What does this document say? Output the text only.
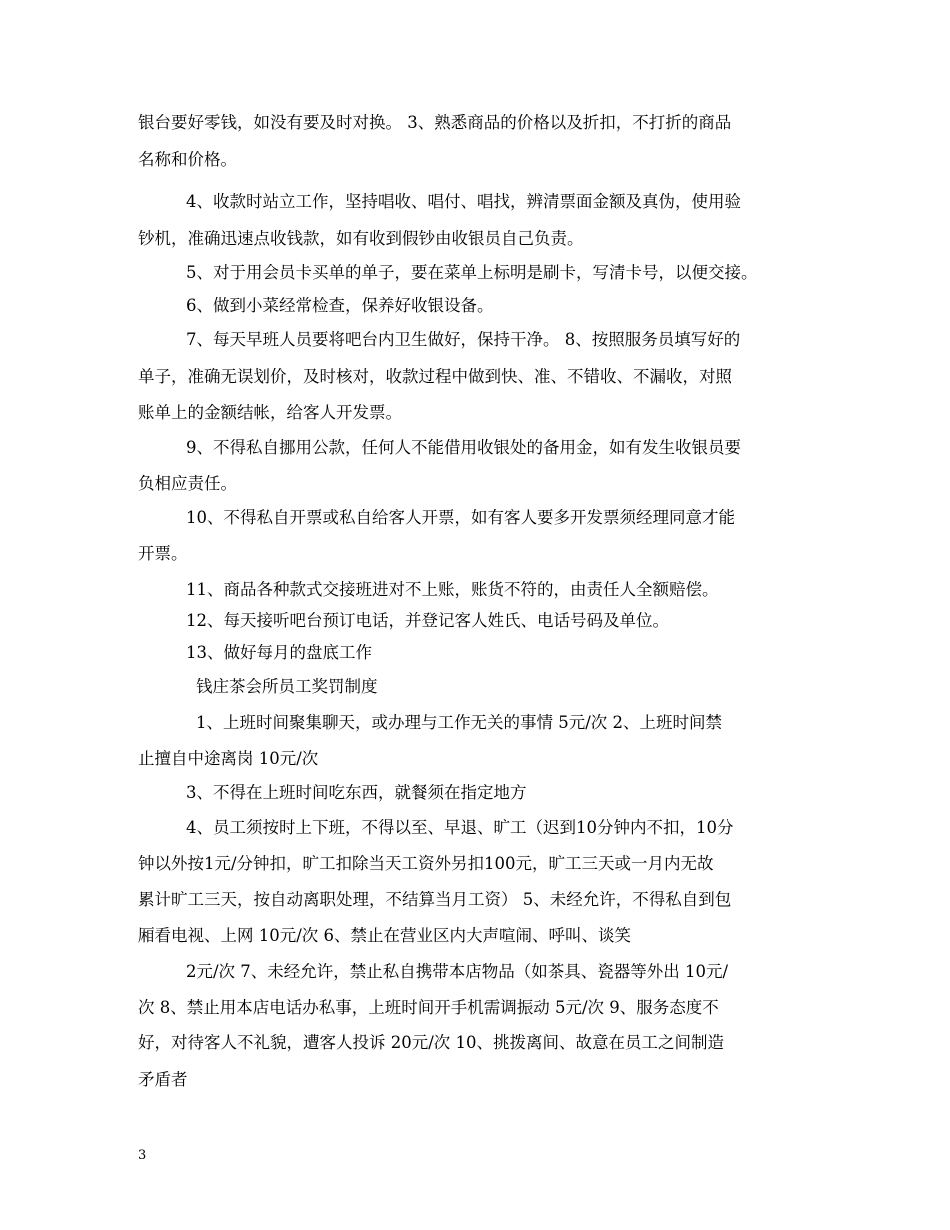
银台要好零钱，如没有要及时对换。 3、熟悉商品的价格以及折扣，不打折的商品
名称和价格。
4、收款时站立工作，坚持唱收、唱付、唱找，辨清票面金额及真伪，使用验
钞机，准确迅速点收钱款，如有收到假钞由收银员自己负责。
5、对于用会员卡买单的单子，要在菜单上标明是刷卡，写清卡号，以便交接。
6、做到小菜经常检查，保养好收银设备。
7、每天早班人员要将吧台内卫生做好，保持干净。 8、按照服务员填写好的
单子，准确无误划价，及时核对，收款过程中做到快、准、不错收、不漏收，对照
账单上的金额结帐，给客人开发票。
9、不得私自挪用公款，任何人不能借用收银处的备用金，如有发生收银员要
负相应责任。
10、不得私自开票或私自给客人开票，如有客人要多开发票须经理同意才能
开票。
11、商品各种款式交接班进对不上账，账货不符的，由责任人全额赔偿。
12、每天接听吧台预订电话，并登记客人姓氏、电话号码及单位。
13、做好每月的盘底工作
钱庄茶会所员工奖罚制度
1、上班时间聚集聊天，或办理与工作无关的事情 5元/次 2、上班时间禁
止擅自中途离岗 10元/次
3、不得在上班时间吃东西，就餐须在指定地方
4、员工须按时上下班，不得以至、早退、旷工（迟到10分钟内不扣，10分
钟以外按1元/分钟扣，旷工扣除当天工资外另扣100元，旷工三天或一月内无故
累计旷工三天，按自动离职处理，不结算当月工资） 5、未经允许，不得私自到包
厢看电视、上网 10元/次 6、禁止在营业区内大声喧闹、呼叫、谈笑
2元/次 7、未经允许，禁止私自携带本店物品（如茶具、瓷器等外出 10元/
次 8、禁止用本店电话办私事，上班时间开手机需调振动 5元/次 9、服务态度不
好，对待客人不礼貌，遭客人投诉 20元/次 10、挑拨离间、故意在员工之间制造
矛盾者
3
